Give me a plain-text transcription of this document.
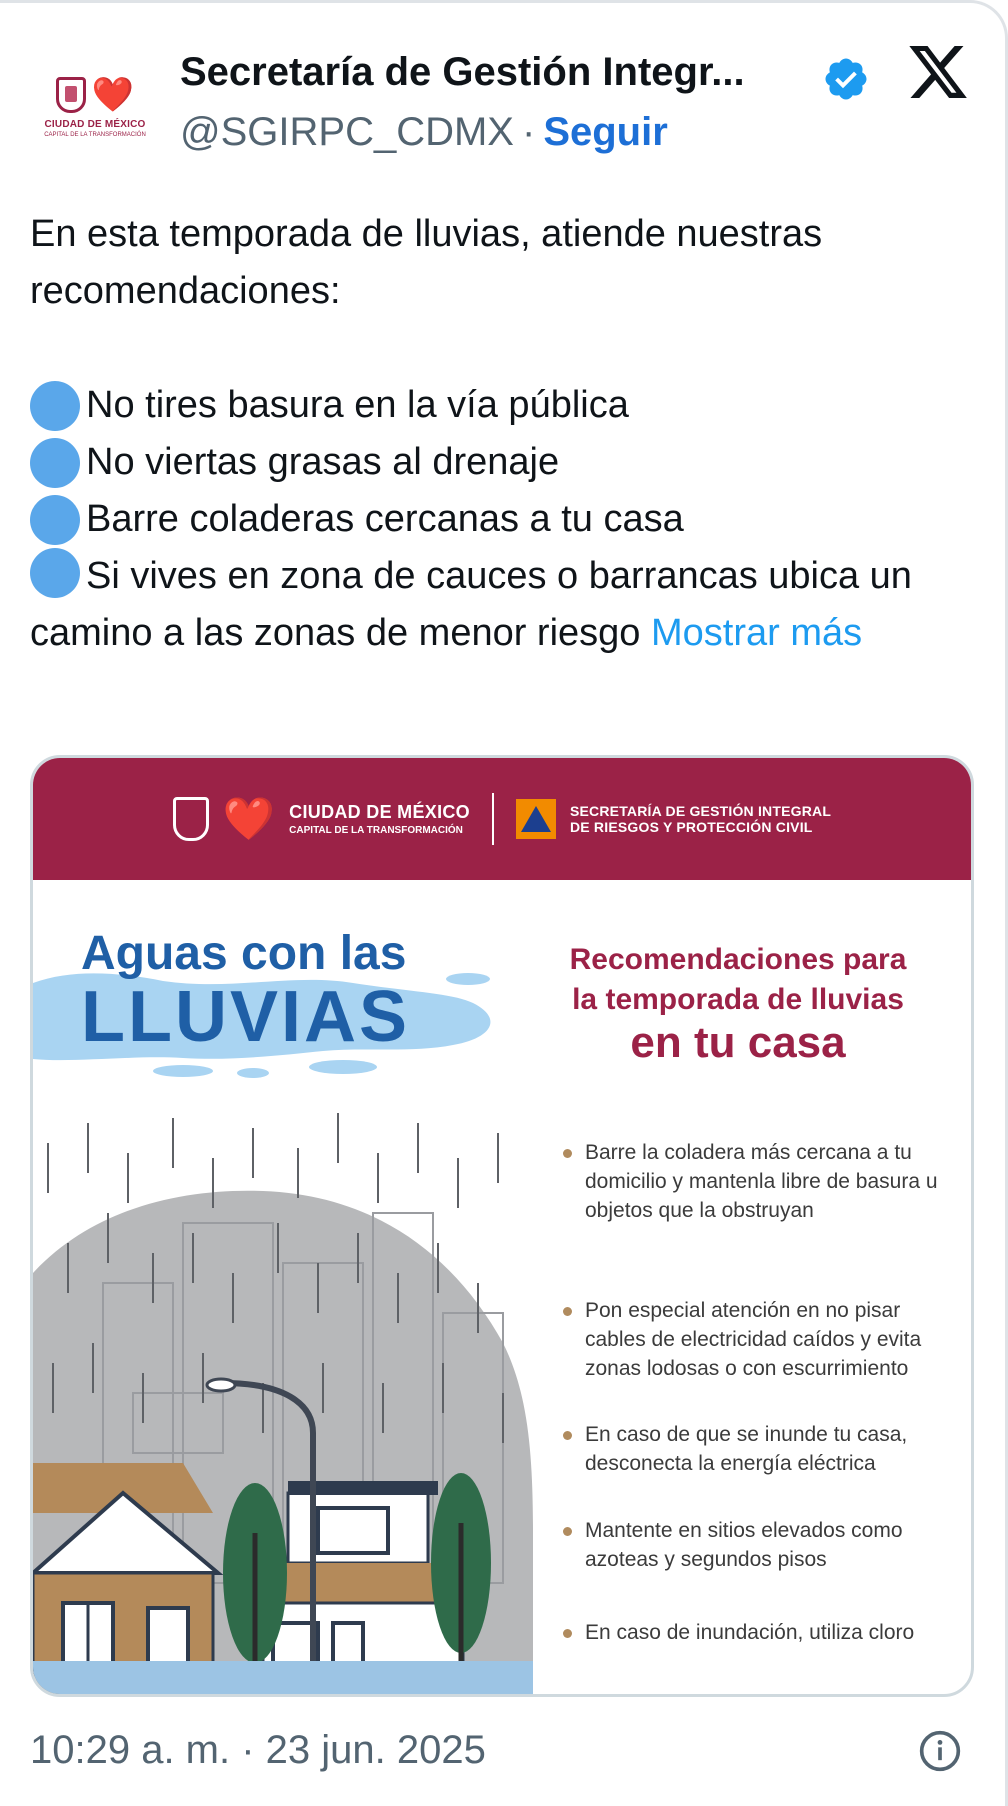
❤️
CIUDAD DE MÉXICO
CAPITAL DE LA TRANSFORMACIÓN
Secretaría de Gestión Integr...
@SGIRPC_CDMX · Seguir
En esta temporada de lluvias, atiende nuestras recomendaciones:
No tires basura en la vía pública
No viertas grasas al drenaje
Barre coladeras cercanas a tu casa
Si vives en zona de cauces o barrancas ubica un camino a las zonas de menor riesgo Mostrar más
❤️ CIUDAD DE MÉXICO
CAPITAL DE LA TRANSFORMACIÓN
SECRETARÍA DE GESTIÓN INTEGRAL
DE RIESGOS Y PROTECCIÓN CIVIL
Aguas con las
LLUVIAS
Recomendaciones para
la temporada de lluvias
en tu casa
Barre la coladera más cercana a tu domicilio y mantenla libre de basura u objetos que la obstruyan
Pon especial atención en no pisar cables de electricidad caídos y evita zonas lodosas o con escurrimiento
En caso de que se inunde tu casa, desconecta la energía eléctrica
Mantente en sitios elevados como azoteas y segundos pisos
En caso de inundación, utiliza cloro
10:29 a. m. · 23 jun. 2025
